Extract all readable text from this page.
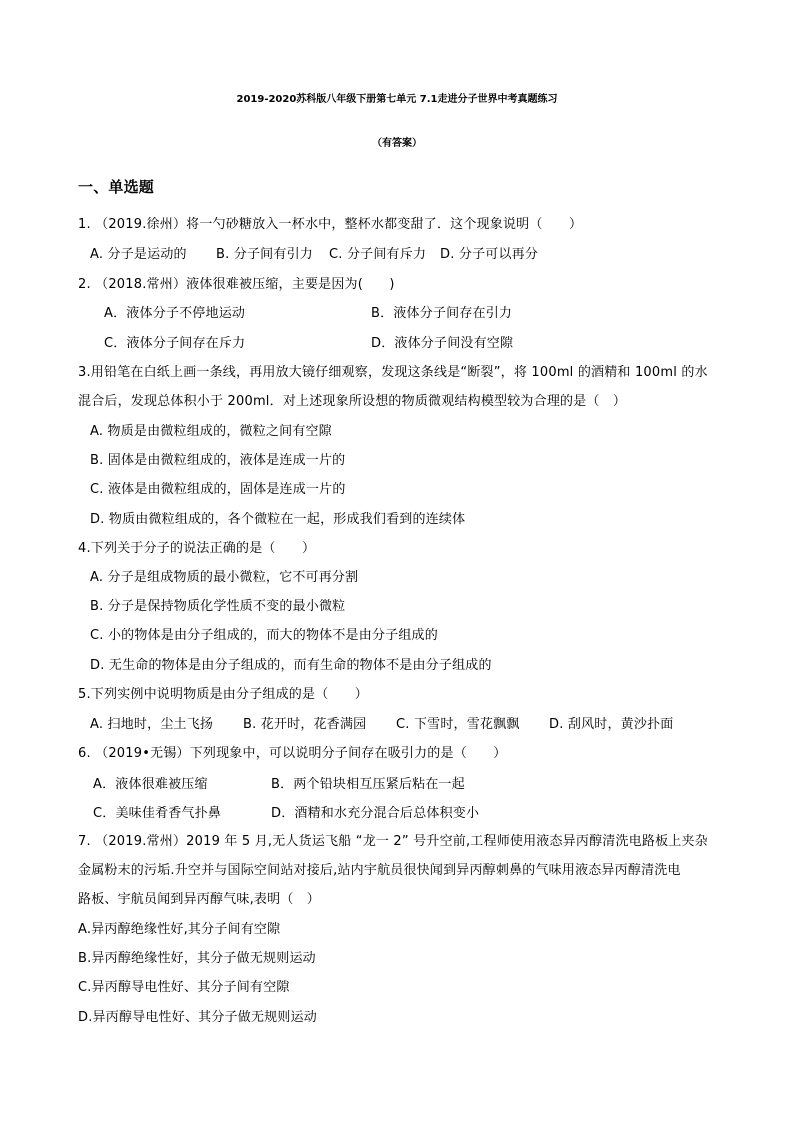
2019-2020苏科版八年级下册第七单元 7.1走进分子世界中考真题练习
（有答案）
一、单选题
1. （2019.徐州）将一勺砂糖放入一杯水中，整杯水都变甜了．这个现象说明（　　）
A. 分子是运动的 B. 分子间有引力 C. 分子间有斥力 D. 分子可以再分
2. （2018.常州）液体很难被压缩，主要是因为(　　)
A．液体分子不停地运动	B．液体分子间存在引力
C．液体分子间存在斥力	D．液体分子间没有空隙
3.用铅笔在白纸上画一条线，再用放大镜仔细观察，发现这条线是“断裂”，将 100ml 的酒精和 100ml 的水
混合后，发现总体积小于 200ml．对上述现象所设想的物质微观结构模型较为合理的是（　）
A. 物质是由微粒组成的，微粒之间有空隙
B. 固体是由微粒组成的，液体是连成一片的
C. 液体是由微粒组成的，固体是连成一片的
D. 物质由微粒组成的，各个微粒在一起，形成我们看到的连续体
4.下列关于分子的说法正确的是（　　）
A. 分子是组成物质的最小微粒，它不可再分割
B. 分子是保持物质化学性质不变的最小微粒
C. 小的物体是由分子组成的，而大的物体不是由分子组成的
D. 无生命的物体是由分子组成的，而有生命的物体不是由分子组成的
5.下列实例中说明物质是由分子组成的是（　　）
A. 扫地时，尘土飞扬 B. 花开时，花香满园 C. 下雪时，雪花飘飘 D. 刮风时，黄沙扑面
6. （2019•无锡）下列现象中，可以说明分子间存在吸引力的是（　　）
A．液体很难被压缩	B．两个铅块相互压紧后粘在一起
C．美味佳肴香气扑鼻	D．酒精和水充分混合后总体积变小
7. （2019.常州）2019 年 5 月,无人货运飞船 “龙一 2” 号升空前,工程师使用液态异丙醇清洗电路板上夹杂
金属粉末的污垢.升空并与国际空间站对接后,站内宇航员很快闻到异丙醇刺鼻的气味用液态异丙醇清洗电
路板、宇航员闻到异丙醇气味,表明（　）
A.异丙醇绝缘性好,其分子间有空隙
B.异丙醇绝缘性好，其分子做无规则运动
C.异丙醇导电性好、其分子间有空隙
D.异丙醇导电性好、其分子做无规则运动
